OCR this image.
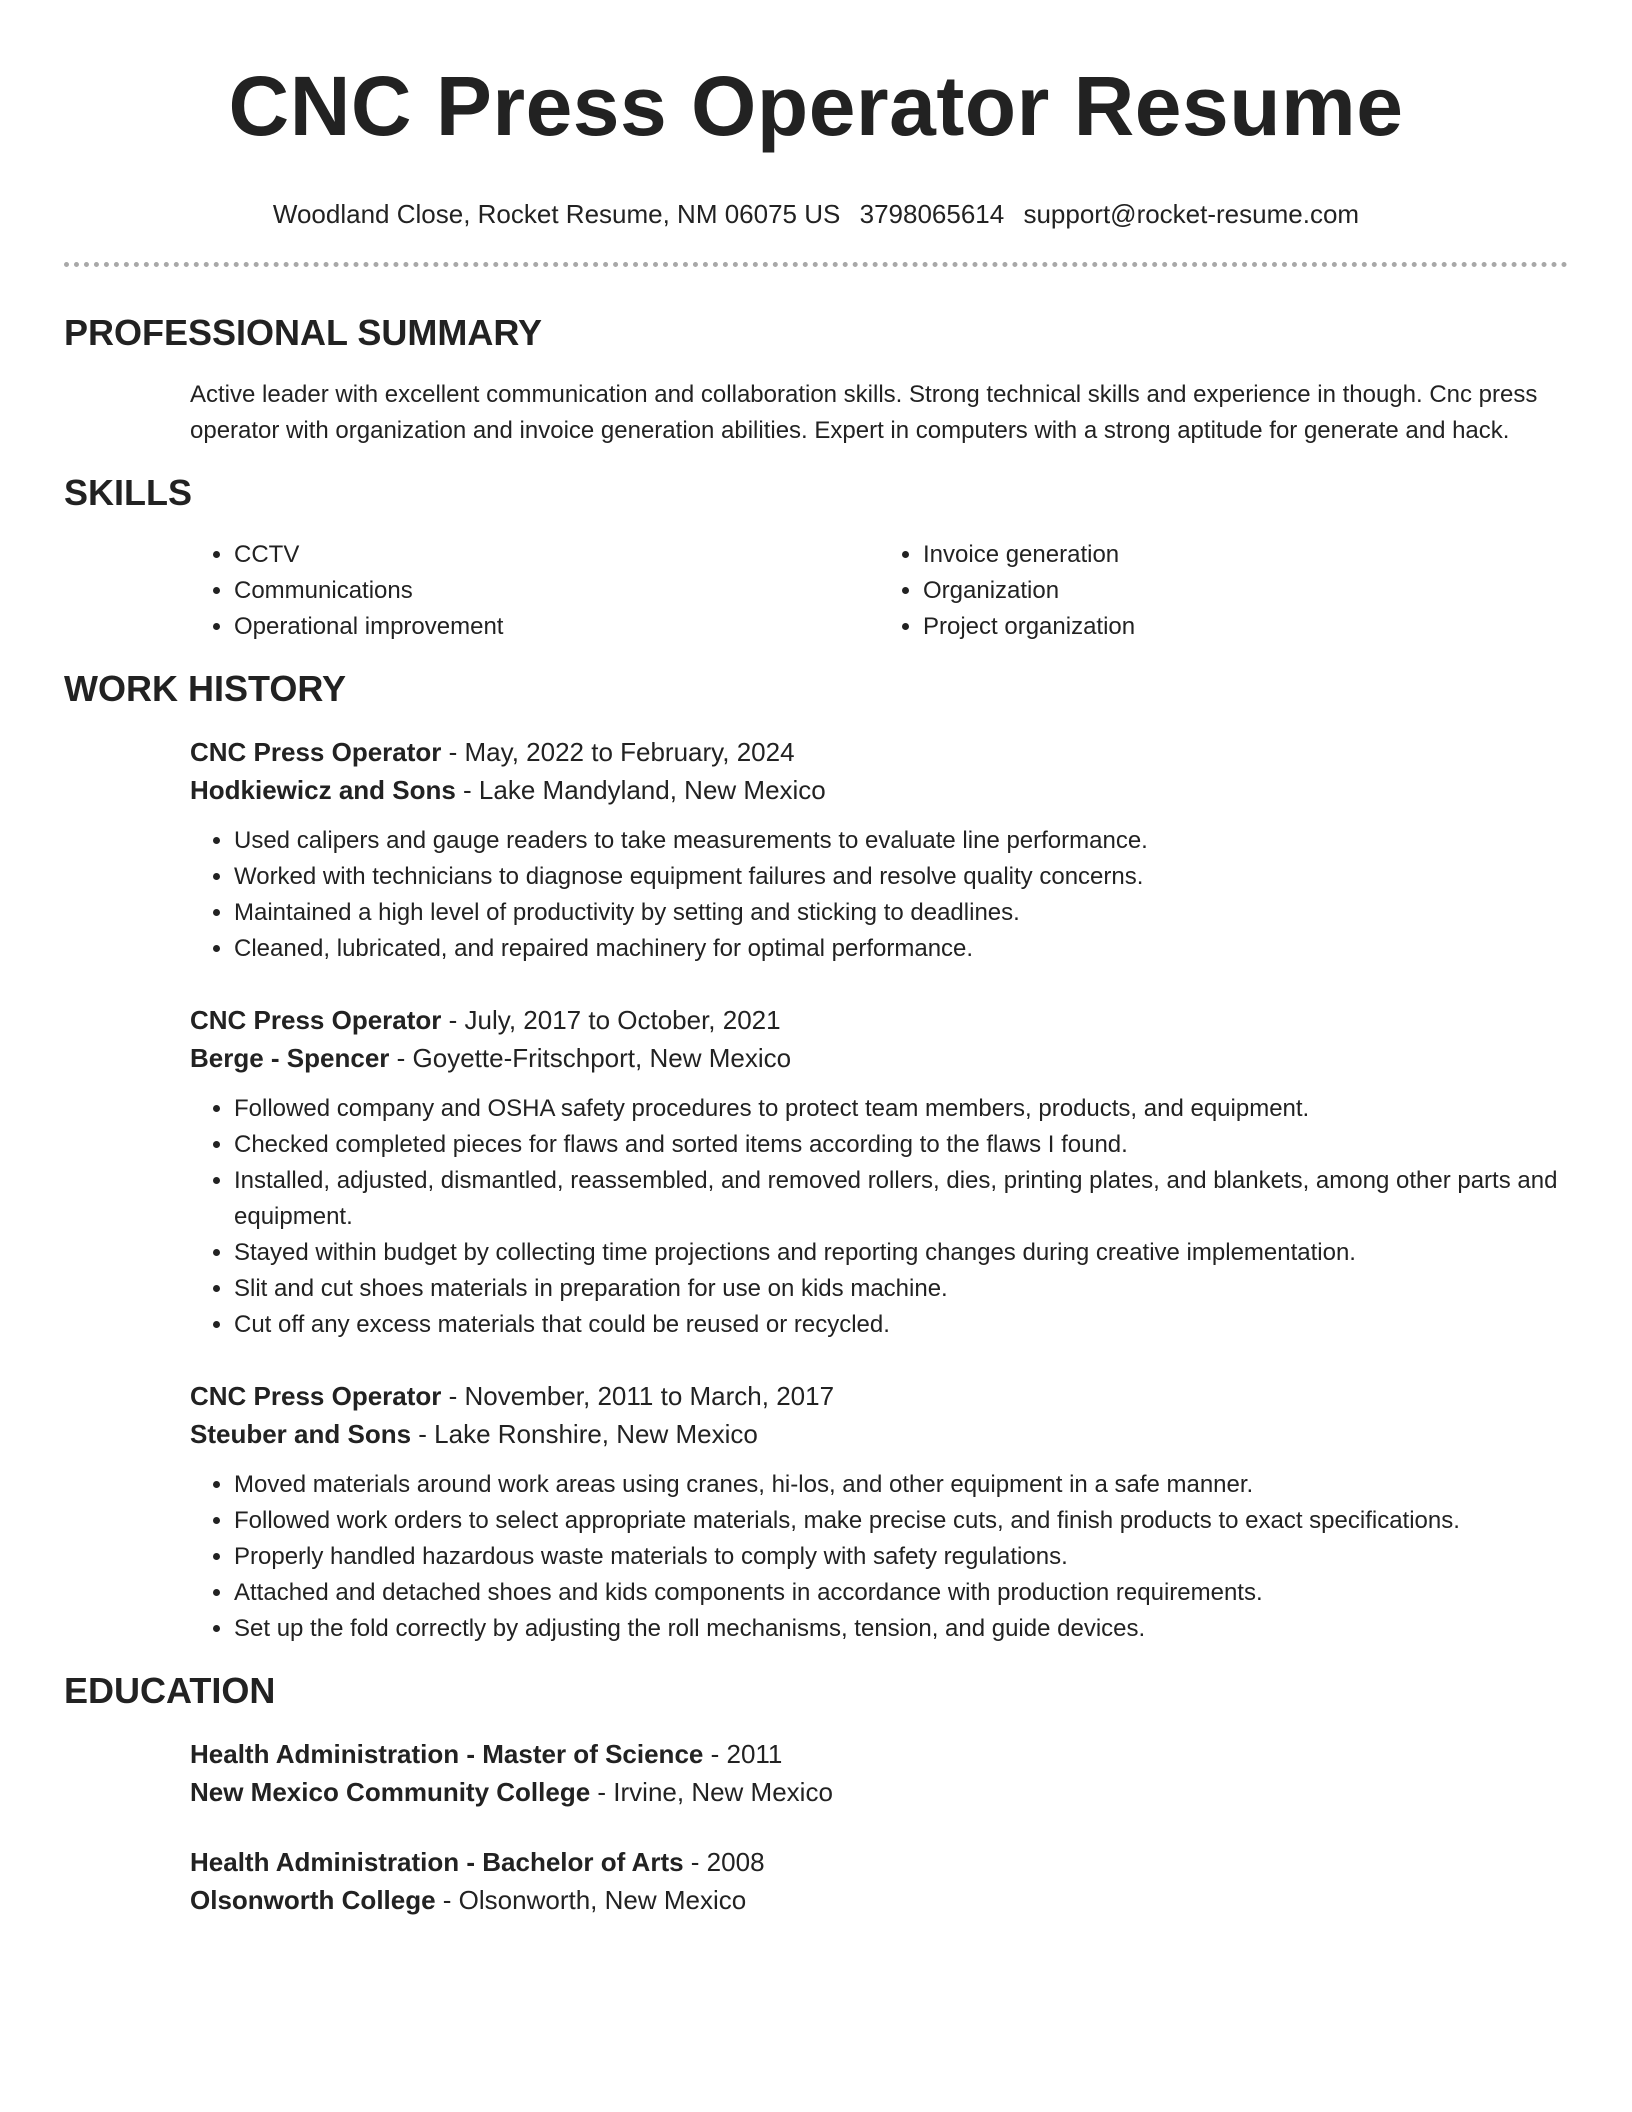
CNC Press Operator Resume
Woodland Close, Rocket Resume, NM 06075 US 3798065614 support@rocket-resume.com
PROFESSIONAL SUMMARY
Active leader with excellent communication and collaboration skills. Strong technical skills and experience in though. Cnc press operator with organization and invoice generation abilities. Expert in computers with a strong aptitude for generate and hack.
SKILLS
• CCTV
• Communications
• Operational improvement
• Invoice generation
• Organization
• Project organization
WORK HISTORY
CNC Press Operator - May, 2022 to February, 2024
Hodkiewicz and Sons - Lake Mandyland, New Mexico
• Used calipers and gauge readers to take measurements to evaluate line performance.
• Worked with technicians to diagnose equipment failures and resolve quality concerns.
• Maintained a high level of productivity by setting and sticking to deadlines.
• Cleaned, lubricated, and repaired machinery for optimal performance.
CNC Press Operator - July, 2017 to October, 2021
Berge - Spencer - Goyette-Fritschport, New Mexico
• Followed company and OSHA safety procedures to protect team members, products, and equipment.
• Checked completed pieces for flaws and sorted items according to the flaws I found.
• Installed, adjusted, dismantled, reassembled, and removed rollers, dies, printing plates, and blankets, among other parts and equipment.
• Stayed within budget by collecting time projections and reporting changes during creative implementation.
• Slit and cut shoes materials in preparation for use on kids machine.
• Cut off any excess materials that could be reused or recycled.
CNC Press Operator - November, 2011 to March, 2017
Steuber and Sons - Lake Ronshire, New Mexico
• Moved materials around work areas using cranes, hi-los, and other equipment in a safe manner.
• Followed work orders to select appropriate materials, make precise cuts, and finish products to exact specifications.
• Properly handled hazardous waste materials to comply with safety regulations.
• Attached and detached shoes and kids components in accordance with production requirements.
• Set up the fold correctly by adjusting the roll mechanisms, tension, and guide devices.
EDUCATION
Health Administration - Master of Science - 2011
New Mexico Community College - Irvine, New Mexico
Health Administration - Bachelor of Arts - 2008
Olsonworth College - Olsonworth, New Mexico
